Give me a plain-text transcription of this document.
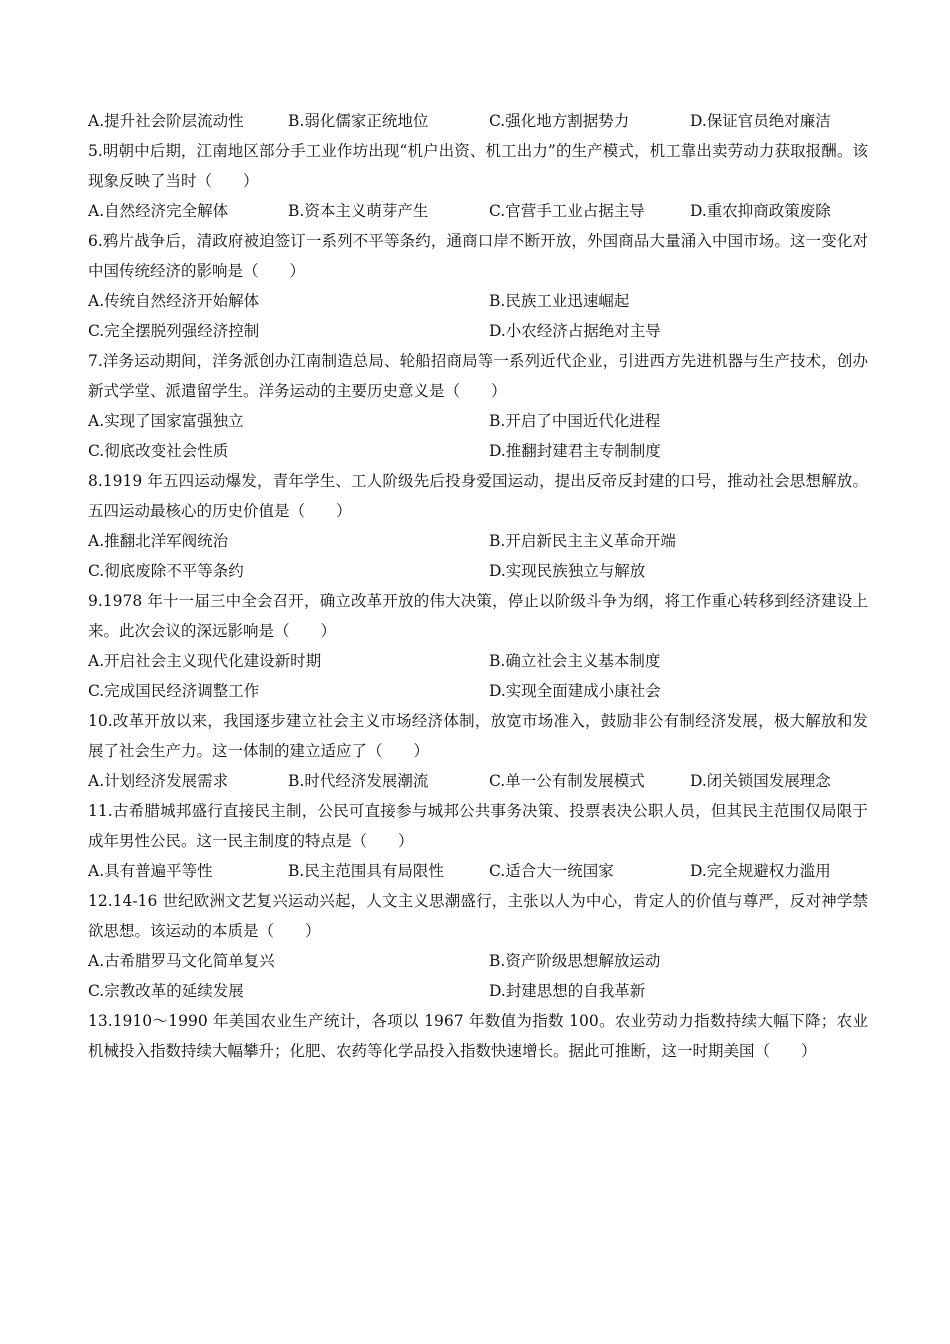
A.提升社会阶层流动性	B.弱化儒家正统地位	C.强化地方割据势力	D.保证官员绝对廉洁

5.明朝中后期，江南地区部分手工业作坊出现“机户出资、机工出力”的生产模式，机工靠出卖劳动力获取报酬。该现象反映了当时（　　）

A.自然经济完全解体	B.资本主义萌芽产生	C.官营手工业占据主导	D.重农抑商政策废除

6.鸦片战争后，清政府被迫签订一系列不平等条约，通商口岸不断开放，外国商品大量涌入中国市场。这一变化对中国传统经济的影响是（　　）

A.传统自然经济开始解体	B.民族工业迅速崛起
C.完全摆脱列强经济控制	D.小农经济占据绝对主导

7.洋务运动期间，洋务派创办江南制造总局、轮船招商局等一系列近代企业，引进西方先进机器与生产技术，创办新式学堂、派遣留学生。洋务运动的主要历史意义是（　　）

A.实现了国家富强独立	B.开启了中国近代化进程
C.彻底改变社会性质	D.推翻封建君主专制制度

8.1919 年五四运动爆发，青年学生、工人阶级先后投身爱国运动，提出反帝反封建的口号，推动社会思想解放。五四运动最核心的历史价值是（　　）

A.推翻北洋军阀统治	B.开启新民主主义革命开端
C.彻底废除不平等条约	D.实现民族独立与解放

9.1978 年十一届三中全会召开，确立改革开放的伟大决策，停止以阶级斗争为纲，将工作重心转移到经济建设上来。此次会议的深远影响是（　　）

A.开启社会主义现代化建设新时期	B.确立社会主义基本制度
C.完成国民经济调整工作	D.实现全面建成小康社会

10.改革开放以来，我国逐步建立社会主义市场经济体制，放宽市场准入，鼓励非公有制经济发展，极大解放和发展了社会生产力。这一体制的建立适应了（　　）

A.计划经济发展需求	B.时代经济发展潮流	C.单一公有制发展模式	D.闭关锁国发展理念

11.古希腊城邦盛行直接民主制，公民可直接参与城邦公共事务决策、投票表决公职人员，但其民主范围仅局限于成年男性公民。这一民主制度的特点是（　　）

A.具有普遍平等性	B.民主范围具有局限性	C.适合大一统国家	D.完全规避权力滥用

12.14-16 世纪欧洲文艺复兴运动兴起，人文主义思潮盛行，主张以人为中心，肯定人的价值与尊严，反对神学禁欲思想。该运动的本质是（　　）

A.古希腊罗马文化简单复兴	B.资产阶级思想解放运动
C.宗教改革的延续发展	D.封建思想的自我革新

13.1910～1990 年美国农业生产统计，各项以 1967 年数值为指数 100。农业劳动力指数持续大幅下降；农业机械投入指数持续大幅攀升；化肥、农药等化学品投入指数快速增长。据此可推断，这一时期美国（　　）
